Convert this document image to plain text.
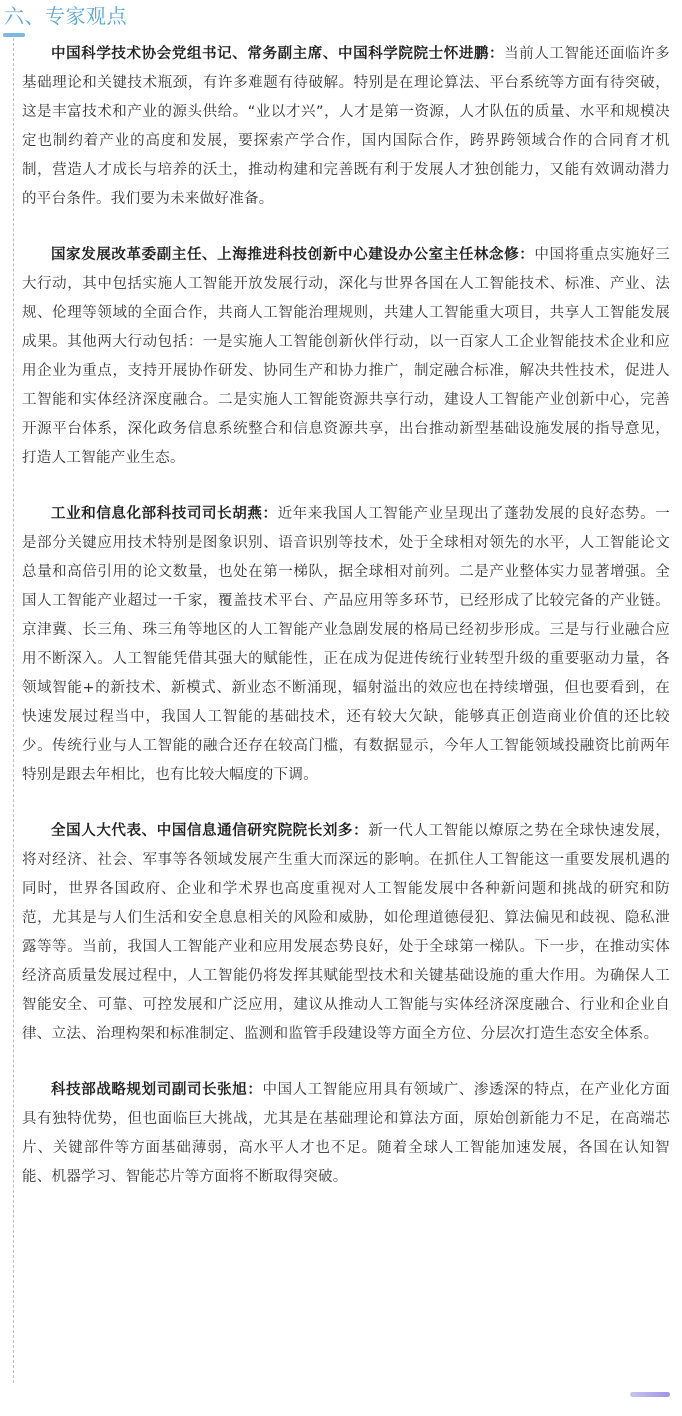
六、专家观点

中国科学技术协会党组书记、常务副主席、中国科学院院士怀进鹏：当前人工智能还面临许多基础理论和关键技术瓶颈，有许多难题有待破解。特别是在理论算法、平台系统等方面有待突破，这是丰富技术和产业的源头供给。“业以才兴”，人才是第一资源，人才队伍的质量、水平和规模决定也制约着产业的高度和发展，要探索产学合作，国内国际合作，跨界跨领域合作的合同育才机制，营造人才成长与培养的沃土，推动构建和完善既有利于发展人才独创能力，又能有效调动潜力的平台条件。我们要为未来做好准备。

国家发展改革委副主任、上海推进科技创新中心建设办公室主任林念修：中国将重点实施好三大行动，其中包括实施人工智能开放发展行动，深化与世界各国在人工智能技术、标准、产业、法规、伦理等领域的全面合作，共商人工智能治理规则，共建人工智能重大项目，共享人工智能发展成果。其他两大行动包括：一是实施人工智能创新伙伴行动，以一百家人工企业智能技术企业和应用企业为重点，支持开展协作研发、协同生产和协力推广，制定融合标准，解决共性技术，促进人工智能和实体经济深度融合。二是实施人工智能资源共享行动，建设人工智能产业创新中心，完善开源平台体系，深化政务信息系统整合和信息资源共享，出台推动新型基础设施发展的指导意见，打造人工智能产业生态。

工业和信息化部科技司司长胡燕：近年来我国人工智能产业呈现出了蓬勃发展的良好态势。一是部分关键应用技术特别是图象识别、语音识别等技术，处于全球相对领先的水平，人工智能论文总量和高倍引用的论文数量，也处在第一梯队，据全球相对前列。二是产业整体实力显著增强。全国人工智能产业超过一千家，覆盖技术平台、产品应用等多环节，已经形成了比较完备的产业链。京津冀、长三角、珠三角等地区的人工智能产业急剧发展的格局已经初步形成。三是与行业融合应用不断深入。人工智能凭借其强大的赋能性，正在成为促进传统行业转型升级的重要驱动力量，各领域智能+的新技术、新模式、新业态不断涌现，辐射溢出的效应也在持续增强，但也要看到，在快速发展过程当中，我国人工智能的基础技术，还有较大欠缺，能够真正创造商业价值的还比较少。传统行业与人工智能的融合还存在较高门槛，有数据显示，今年人工智能领域投融资比前两年特别是跟去年相比，也有比较大幅度的下调。

全国人大代表、中国信息通信研究院院长刘多：新一代人工智能以燎原之势在全球快速发展，将对经济、社会、军事等各领域发展产生重大而深远的影响。在抓住人工智能这一重要发展机遇的同时，世界各国政府、企业和学术界也高度重视对人工智能发展中各种新问题和挑战的研究和防范，尤其是与人们生活和安全息息相关的风险和威胁，如伦理道德侵犯、算法偏见和歧视、隐私泄露等等。当前，我国人工智能产业和应用发展态势良好，处于全球第一梯队。下一步，在推动实体经济高质量发展过程中，人工智能仍将发挥其赋能型技术和关键基础设施的重大作用。为确保人工智能安全、可靠、可控发展和广泛应用，建议从推动人工智能与实体经济深度融合、行业和企业自律、立法、治理构架和标准制定、监测和监管手段建设等方面全方位、分层次打造生态安全体系。

科技部战略规划司副司长张旭：中国人工智能应用具有领域广、渗透深的特点，在产业化方面具有独特优势，但也面临巨大挑战，尤其是在基础理论和算法方面，原始创新能力不足，在高端芯片、关键部件等方面基础薄弱，高水平人才也不足。随着全球人工智能加速发展，各国在认知智能、机器学习、智能芯片等方面将不断取得突破。
